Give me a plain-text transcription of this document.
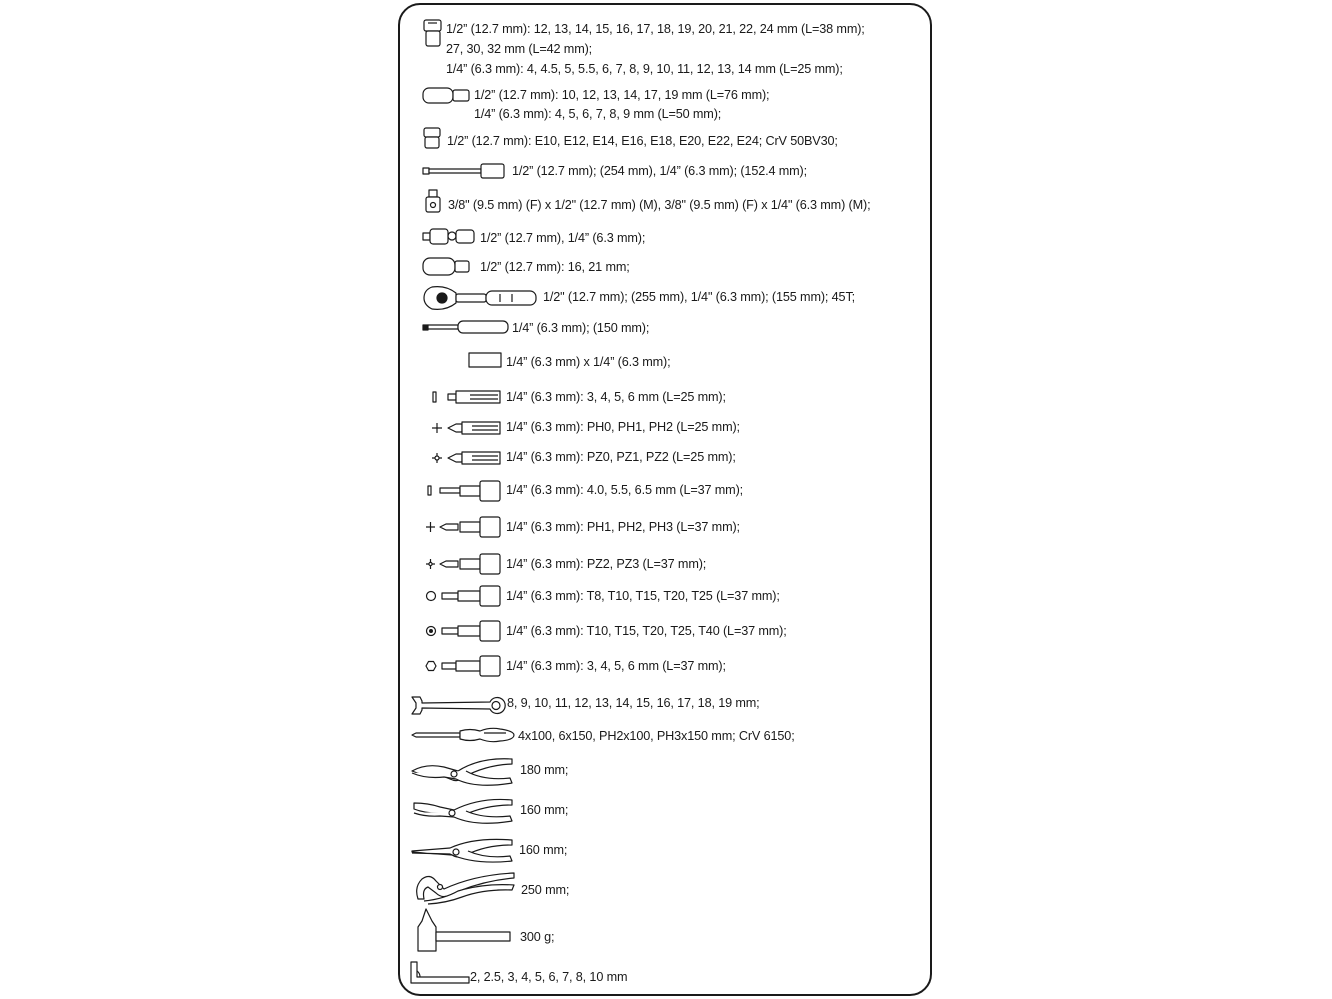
1/2” (12.7 mm): 12, 13, 14, 15, 16, 17, 18, 19, 20, 21, 22, 24 mm (L=38 mm);
27, 30, 32 mm (L=42 mm);
1/4” (6.3 mm): 4, 4.5, 5, 5.5, 6, 7, 8, 9, 10, 11, 12, 13, 14 mm (L=25 mm);
1/2” (12.7 mm): 10, 12, 13, 14, 17, 19 mm (L=76 mm);
1/4” (6.3 mm): 4, 5, 6, 7, 8, 9 mm (L=50 mm);
1/2” (12.7 mm): E10, E12, E14, E16, E18, E20, E22, E24; CrV 50BV30;
1/2” (12.7 mm); (254 mm), 1/4” (6.3 mm); (152.4 mm);
3/8" (9.5 mm) (F) x 1/2" (12.7 mm) (M), 3/8" (9.5 mm) (F) x 1/4" (6.3 mm) (M);
1/2” (12.7 mm), 1/4” (6.3 mm);
1/2” (12.7 mm): 16, 21 mm;
1/2" (12.7 mm); (255 mm), 1/4" (6.3 mm); (155 mm); 45T;
1/4” (6.3 mm); (150 mm);
1/4” (6.3 mm) x 1/4” (6.3 mm);
1/4” (6.3 mm): 3, 4, 5, 6 mm (L=25 mm);
1/4” (6.3 mm): PH0, PH1, PH2 (L=25 mm);
1/4” (6.3 mm): PZ0, PZ1, PZ2 (L=25 mm);
1/4” (6.3 mm): 4.0, 5.5, 6.5 mm (L=37 mm);
1/4” (6.3 mm): PH1, PH2, PH3 (L=37 mm);
1/4” (6.3 mm): PZ2, PZ3 (L=37 mm);
1/4” (6.3 mm): T8, T10, T15, T20, T25 (L=37 mm);
1/4” (6.3 mm): T10, T15, T20, T25, T40 (L=37 mm);
1/4” (6.3 mm): 3, 4, 5, 6 mm (L=37 mm);
8, 9, 10, 11, 12, 13, 14, 15, 16, 17, 18, 19 mm;
4x100, 6x150, PH2x100, PH3x150 mm; CrV 6150;
180 mm;
160 mm;
160 mm;
250 mm;
300 g;
2, 2.5, 3, 4, 5, 6, 7, 8, 10 mm
